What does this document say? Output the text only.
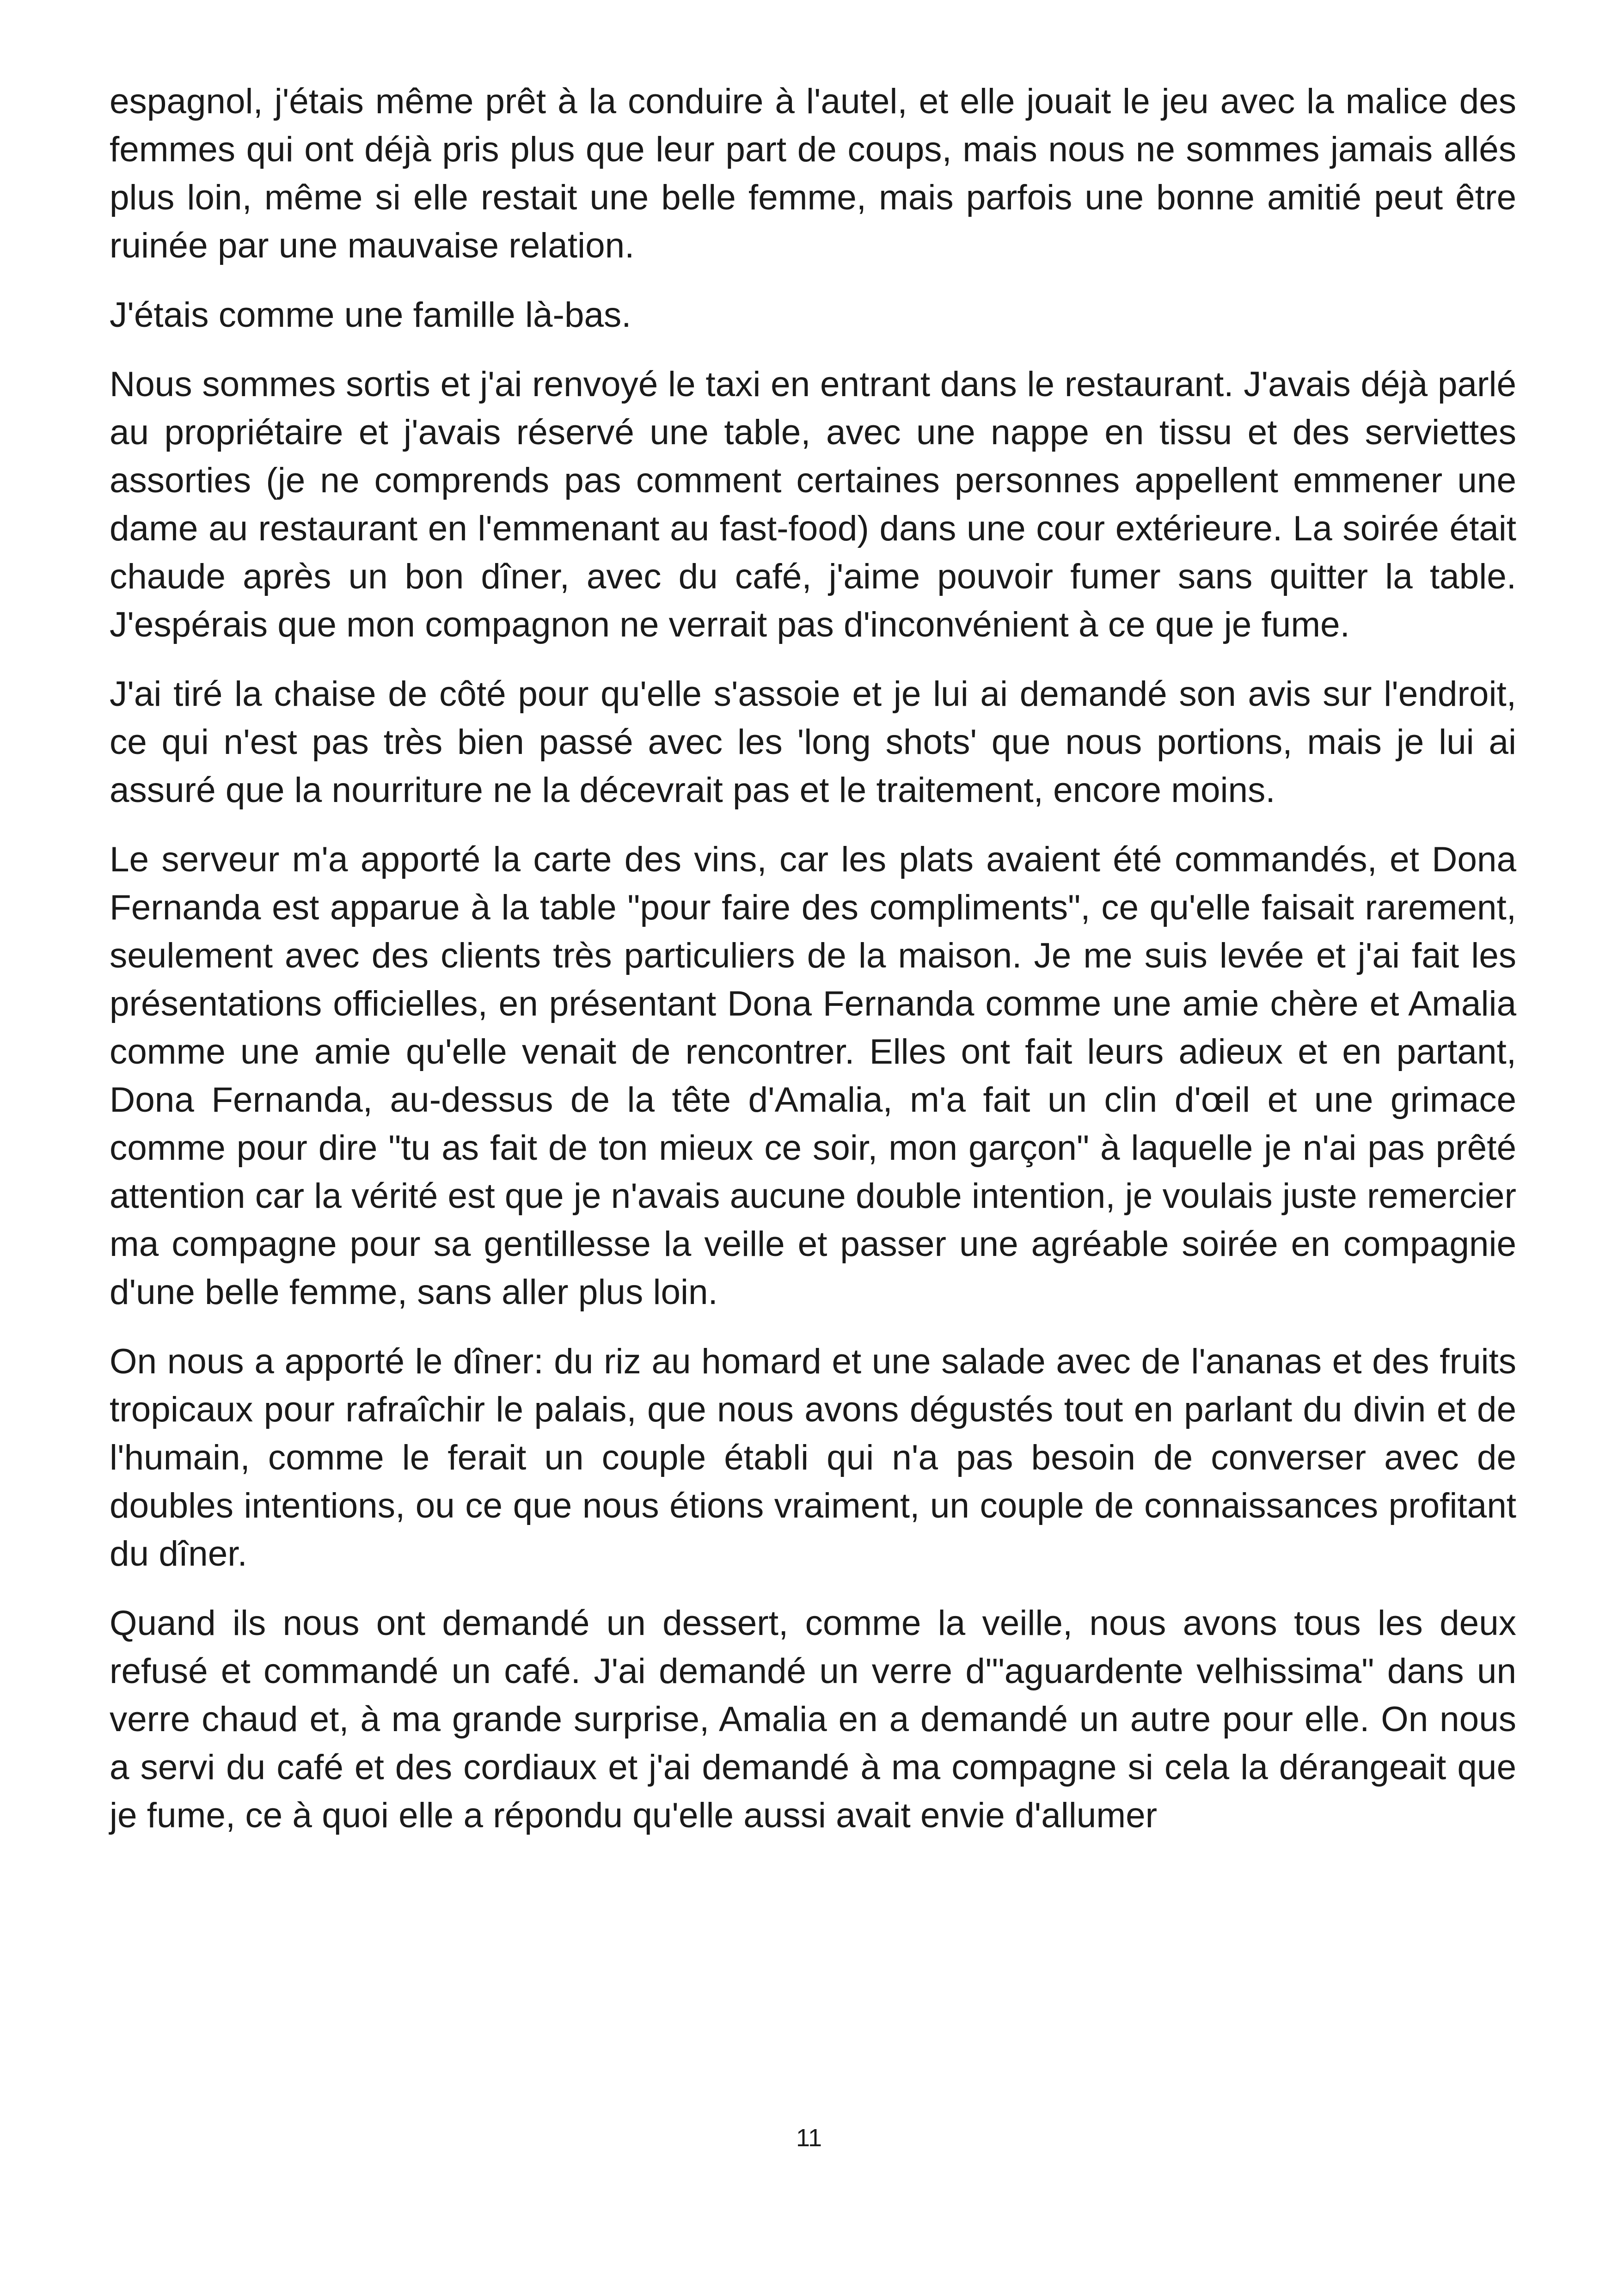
espagnol, j'étais même prêt à la conduire à l'autel, et elle jouait le jeu avec la malice des femmes qui ont déjà pris plus que leur part de coups, mais nous ne sommes jamais allés plus loin, même si elle restait une belle femme, mais parfois une bonne amitié peut être ruinée par une mauvaise relation.

J'étais comme une famille là-bas.

Nous sommes sortis et j'ai renvoyé le taxi en entrant dans le restaurant. J'avais déjà parlé au propriétaire et j'avais réservé une table, avec une nappe en tissu et des serviettes assorties (je ne comprends pas comment certaines personnes appellent emmener une dame au restaurant en l'emmenant au fast-food) dans une cour extérieure. La soirée était chaude après un bon dîner, avec du café, j'aime pouvoir fumer sans quitter la table. J'espérais que mon compagnon ne verrait pas d'inconvénient à ce que je fume.

J'ai tiré la chaise de côté pour qu'elle s'assoie et je lui ai demandé son avis sur l'endroit, ce qui n'est pas très bien passé avec les 'long shots' que nous portions, mais je lui ai assuré que la nourriture ne la décevrait pas et le traitement, encore moins.

Le serveur m'a apporté la carte des vins, car les plats avaient été commandés, et Dona Fernanda est apparue à la table "pour faire des compliments", ce qu'elle faisait rarement, seulement avec des clients très particuliers de la maison. Je me suis levée et j'ai fait les présentations officielles, en présentant Dona Fernanda comme une amie chère et Amalia comme une amie qu'elle venait de rencontrer. Elles ont fait leurs adieux et en partant, Dona Fernanda, au-dessus de la tête d'Amalia, m'a fait un clin d'œil et une grimace comme pour dire "tu as fait de ton mieux ce soir, mon garçon" à laquelle je n'ai pas prêté attention car la vérité est que je n'avais aucune double intention, je voulais juste remercier ma compagne pour sa gentillesse la veille et passer une agréable soirée en compagnie d'une belle femme, sans aller plus loin.

On nous a apporté le dîner: du riz au homard et une salade avec de l'ananas et des fruits tropicaux pour rafraîchir le palais, que nous avons dégustés tout en parlant du divin et de l'humain, comme le ferait un couple établi qui n'a pas besoin de converser avec de doubles intentions, ou ce que nous étions vraiment, un couple de connaissances profitant du dîner.

Quand ils nous ont demandé un dessert, comme la veille, nous avons tous les deux refusé et commandé un café. J'ai demandé un verre d'"aguardente velhissima" dans un verre chaud et, à ma grande surprise, Amalia en a demandé un autre pour elle. On nous a servi du café et des cordiaux et j'ai demandé à ma compagne si cela la dérangeait que je fume, ce à quoi elle a répondu qu'elle aussi avait envie d'allumer

11
